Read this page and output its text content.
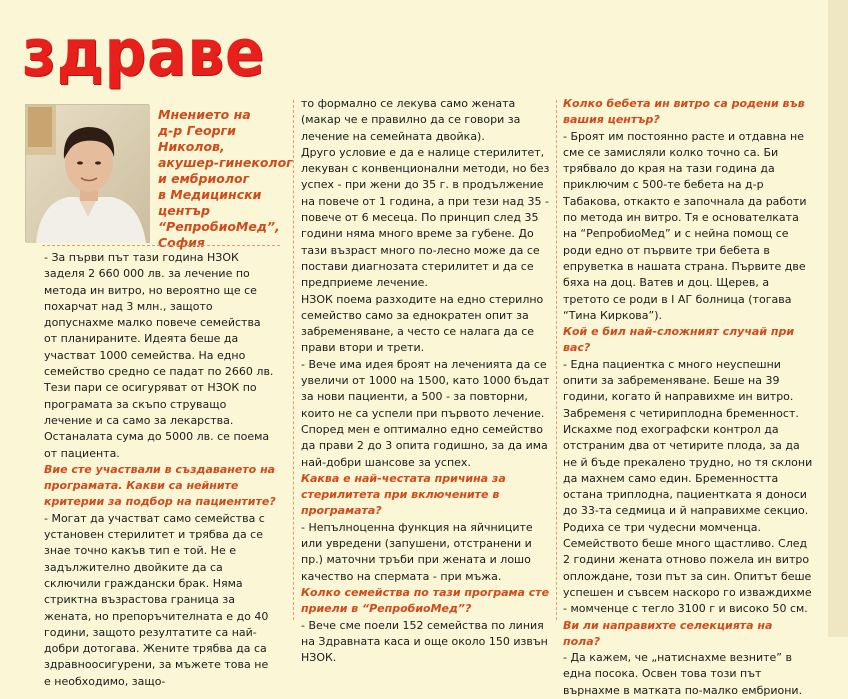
здраве
Мнението на
д-р Георги
Николов,
акушер-гинеколог
и ембриолог
в Медицински
център
“РепробиоМед”,
София

- За първи път тази година НЗОК заделя 2 660 000 лв. за лечение по метода ин витро, но вероятно ще се похарчат над 3 млн., защото допуснахме малко повече семейства от планираните. Идеята беше да участват 1000 семейства. На едно семейство средно се падат по 2660 лв. Тези пари се осигуряват от НЗОК по програмата за скъпо струващо лечение и са само за лекарства. Останалата сума до 5000 лв. се поема от пациента.

Вие сте участвали в създаването на програмата. Какви са нейните критерии за подбор на пациентите?

- Могат да участват само семейства с установен стерилитет и трябва да се знае точно какъв тип е той. Не е задължително двойките да са сключили граждански брак. Няма стриктна възрастова граница за жената, но препоръчителната е до 40 години, защото резултатите са най-добри дотогава. Жените трябва да са здравноосигурени, за мъжете това не е необходимо, защо-

то формално се лекува само жената (макар че е правилно да се говори за лечение на семейната двойка).

Друго условие е да е налице стерилитет, лекуван с конвенционални методи, но без успех - при жени до 35 г. в продължение на повече от 1 година, а при тези над 35 - повече от 6 месеца. По принцип след 35 години няма много време за губене. До тази възраст много по-лесно може да се постави диагнозата стерилитет и да се предприеме лечение.

НЗОК поема разходите на едно стерилно семейство само за еднократен опит за забременяване, а често се налага да се прави втори и трети.

- Вече има идея броят на леченията да се увеличи от 1000 на 1500, като 1000 бъдат за нови пациенти, а 500 - за повторни, които не са успели при първото лечение. Според мен е оптимално едно семейство да прави 2 до 3 опита годишно, за да има най-добри шансове за успех.

Каква е най-честата причина за стерилитета при включените в програмата?

- Непълноценна функция на яйчниците или увредени (запушени, отстранени и пр.) маточни тръби при жената и лошо качество на спермата - при мъжа.

Колко семейства по тази програма сте приели в “РепробиоМед”?

- Вече сме поели 152 семейства по линия на Здравната каса и още около 150 извън НЗОК.

Колко бебета ин витро са родени във вашия център?

- Броят им постоянно расте и отдавна не сме се замисляли колко точно са. Би трябвало до края на тази година да приключим с 500-те бебета на д-р Табакова, откакто е започнала да работи по метода ин витро. Тя е основателката на “РепробиоМед” и с нейна помощ се роди едно от първите три бебета в епруветка в нашата страна. Първите две бяха на доц. Ватев и доц. Щерев, а третото се роди в I АГ болница (тогава “Тина Киркова”).

Кой е бил най-сложният случай при вас?

- Една пациентка с много неуспешни опити за забременяване. Беше на 39 години, когато й направихме ин витро. Забременя с четириплодна бременност. Искахме под ехографски контрол да отстраним два от четирите плода, за да не й бъде прекалено трудно, но тя склони да махнем само един. Бременността остана триплодна, пациентката я доноси до 33-та седмица и й направихме секцио. Родиха се три чудесни момченца. Семейството беше много щастливо. След 2 години жената отново пожела ин витро оплождане, този път за син. Опитът беше успешен и съвсем наскоро го изваждихме - момченце с тегло 3100 г и високо 50 см.

Ви ли направихте селекцията на пола?

- Да кажем, че „натиснахме везните” в една посока. Освен това този път върнахме в матката по-малко ембриони.
